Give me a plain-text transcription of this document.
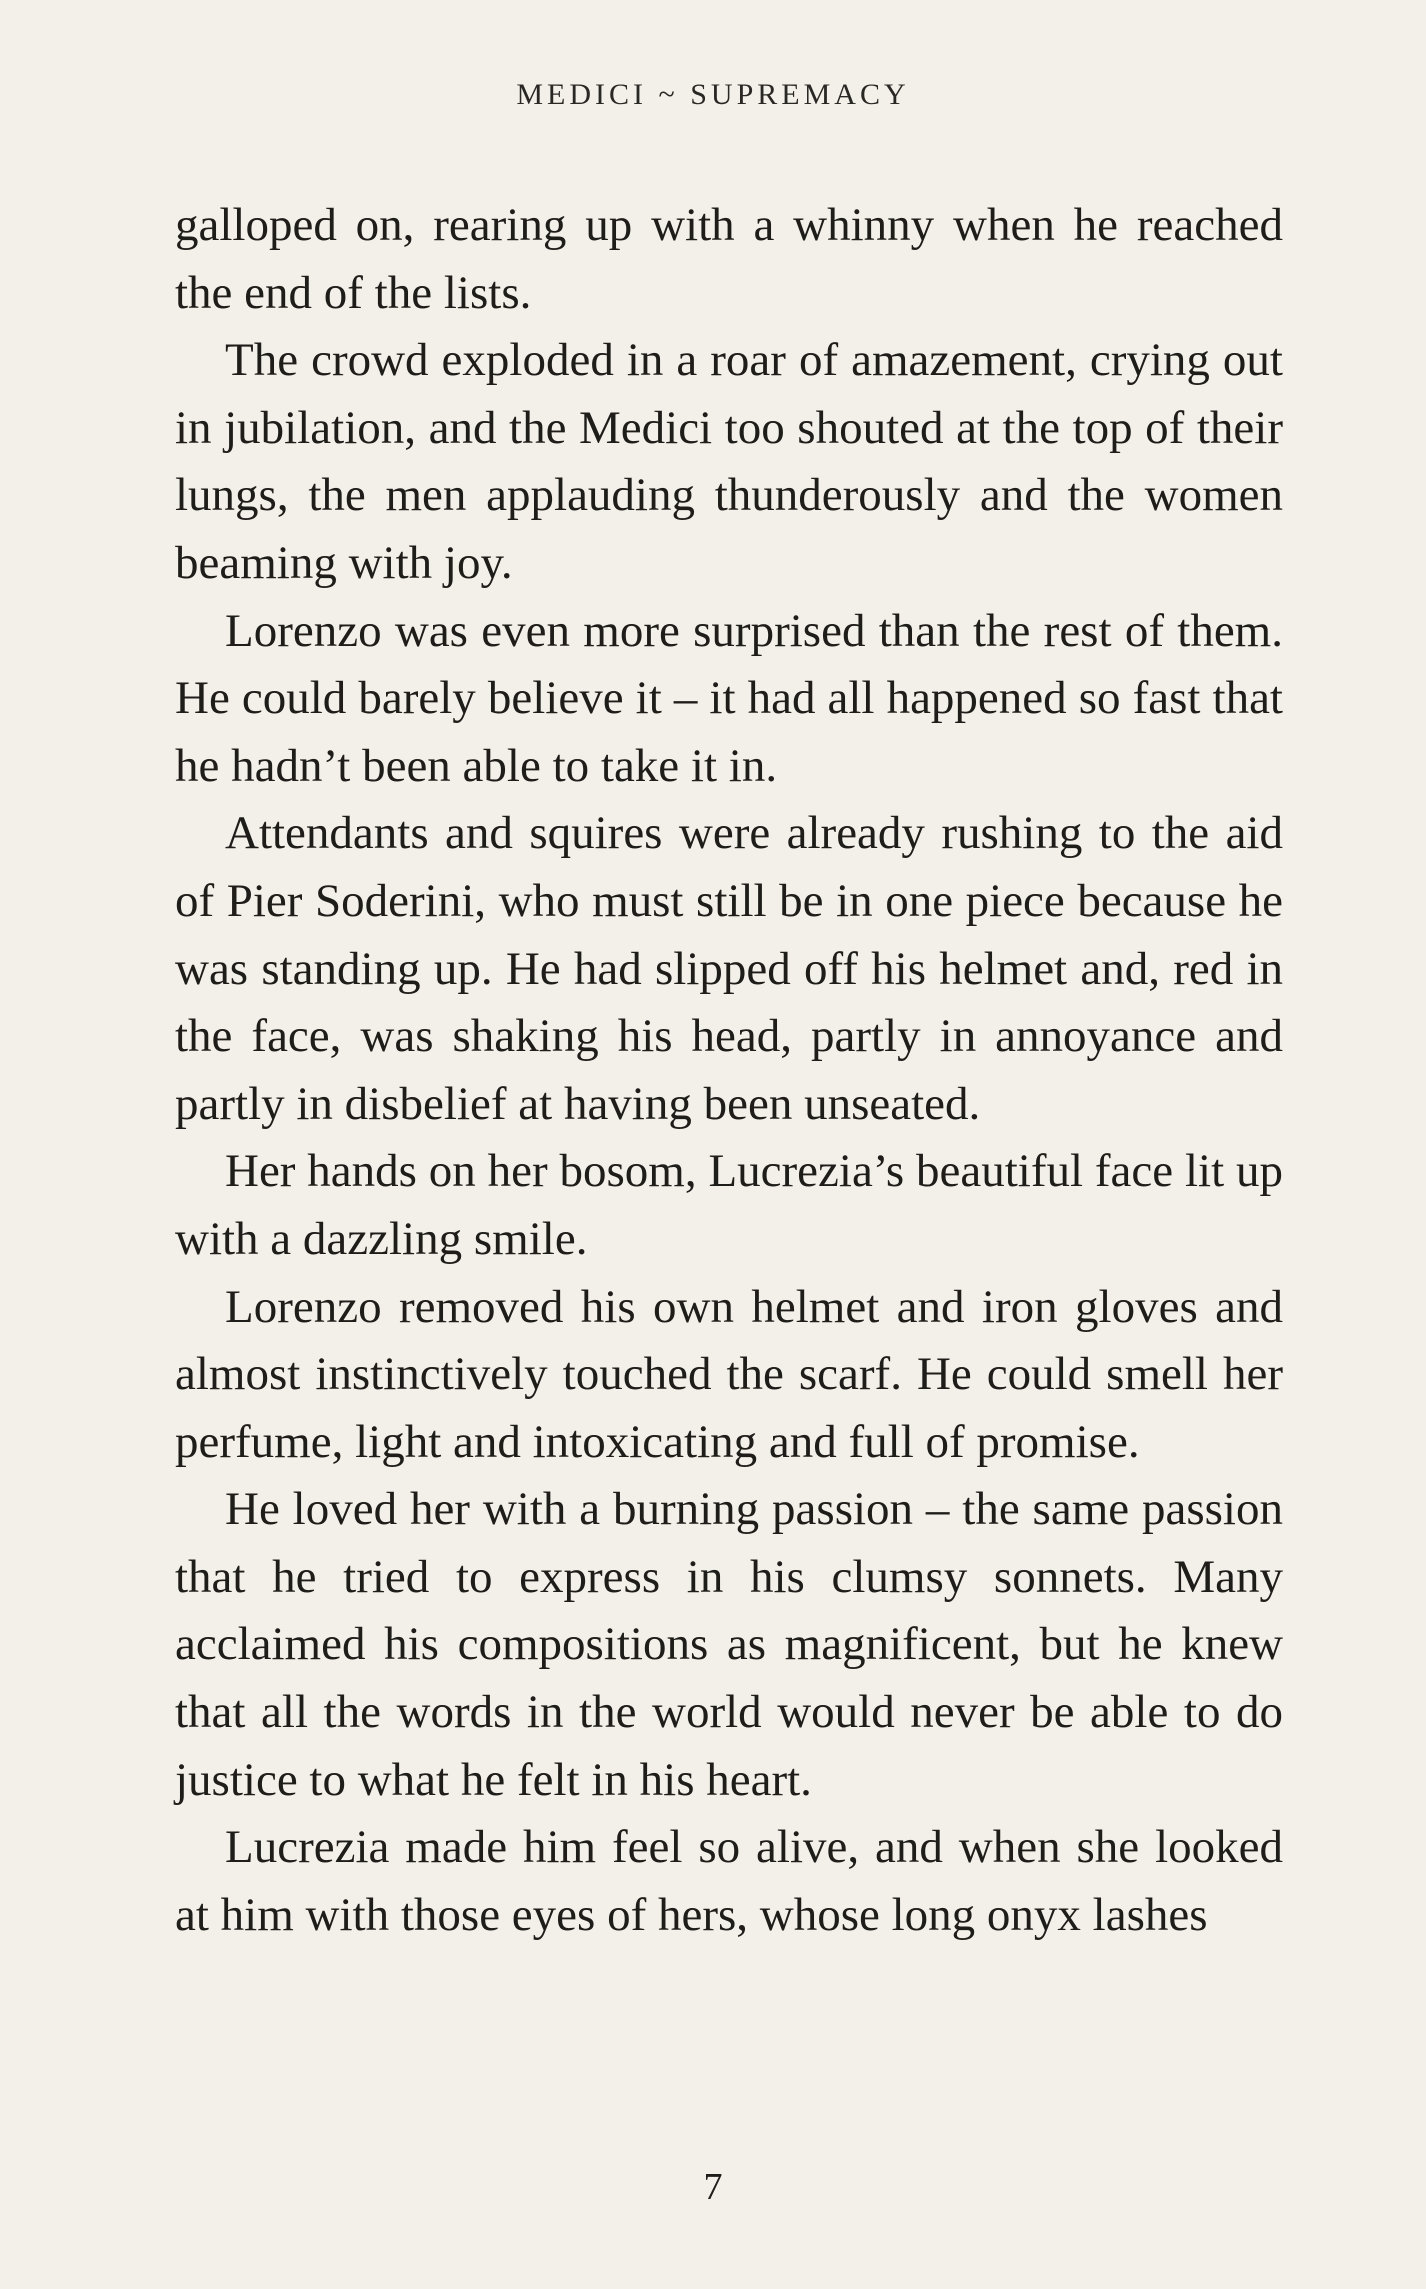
MEDICI ~ SUPREMACY

galloped on, rearing up with a whinny when he reached the end of the lists.

The crowd exploded in a roar of amazement, crying out in jubilation, and the Medici too shouted at the top of their lungs, the men applauding thunderously and the women beaming with joy.

Lorenzo was even more surprised than the rest of them. He could barely believe it – it had all happened so fast that he hadn’t been able to take it in.

Attendants and squires were already rushing to the aid of Pier Soderini, who must still be in one piece because he was standing up. He had slipped off his helmet and, red in the face, was shaking his head, partly in annoyance and partly in disbelief at having been unseated.

Her hands on her bosom, Lucrezia’s beautiful face lit up with a dazzling smile.

Lorenzo removed his own helmet and iron gloves and almost instinctively touched the scarf. He could smell her perfume, light and intoxicating and full of promise.

He loved her with a burning passion – the same passion that he tried to express in his clumsy sonnets. Many acclaimed his compositions as magnificent, but he knew that all the words in the world would never be able to do justice to what he felt in his heart.

Lucrezia made him feel so alive, and when she looked at him with those eyes of hers, whose long onyx lashes

7
